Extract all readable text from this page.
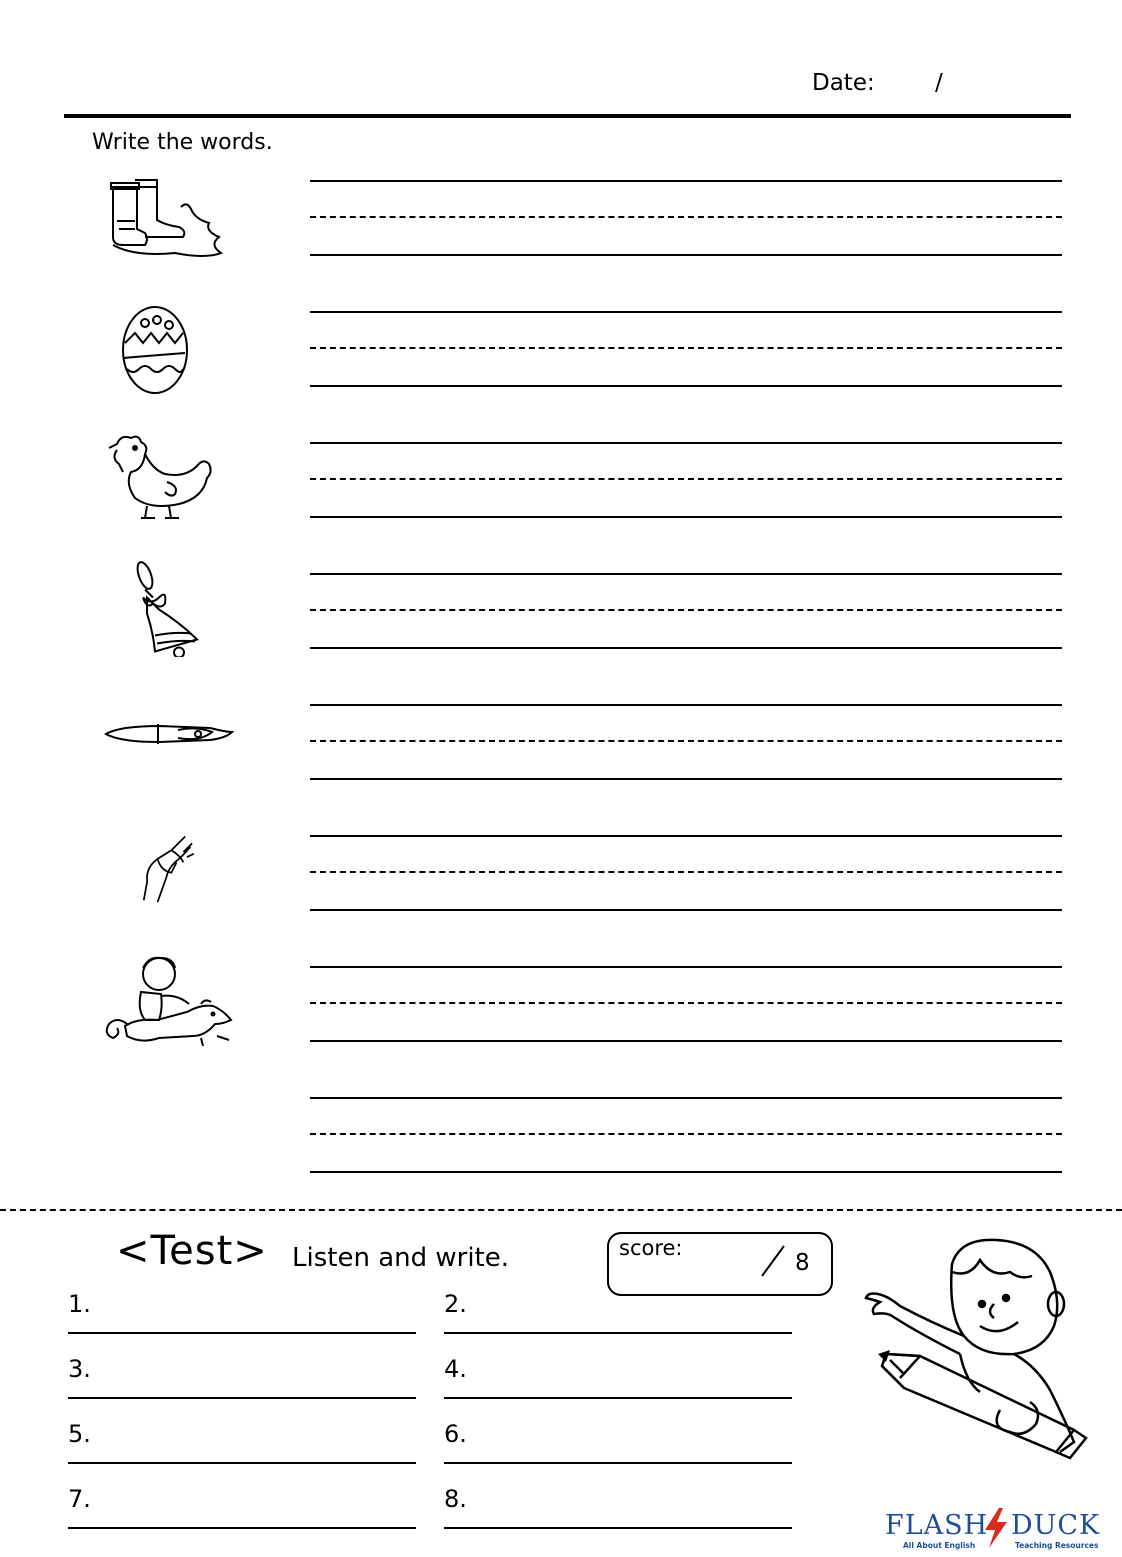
Date:	/
Write the words.
<Test> Listen and write.	score:
8
1.	2.
3.	4.
5.	6.
7.	8.
FLASH DUCK
All About English	Teaching Resources
